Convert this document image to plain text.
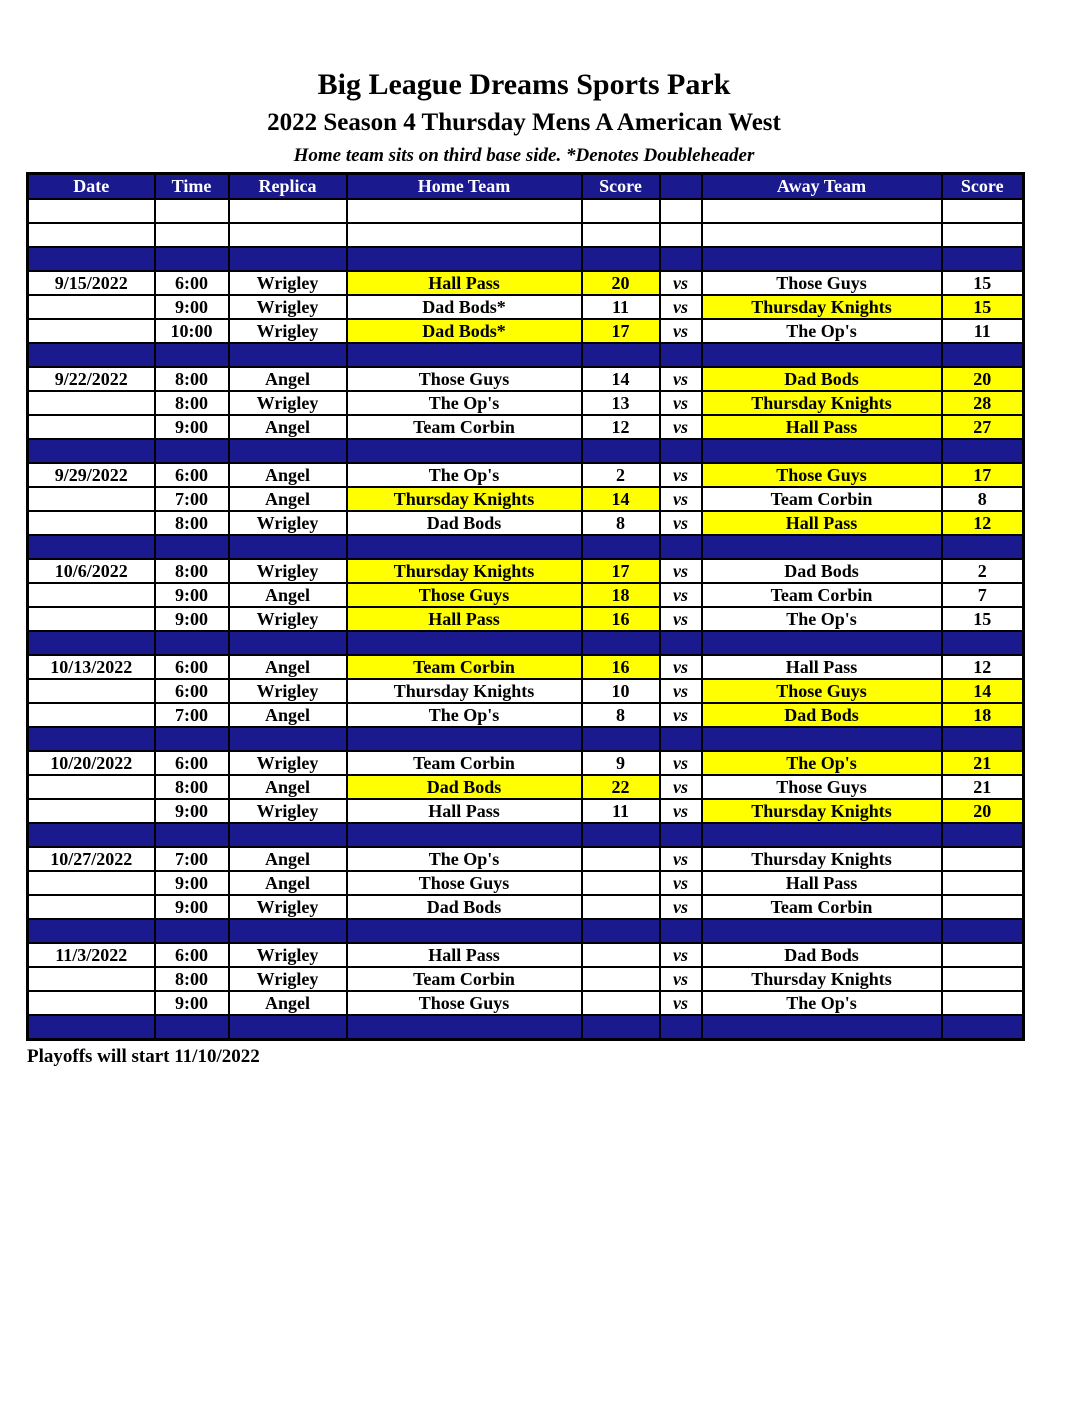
Big League Dreams Sports Park
2022 Season 4 Thursday Mens A American West
Home team sits on third base side. *Denotes Doubleheader
Date	Time	Replica	Home Team	Score		Away Team	Score

9/15/2022	6:00	Wrigley	Hall Pass	20	vs	Those Guys	15
	9:00	Wrigley	Dad Bods*	11	vs	Thursday Knights	15
	10:00	Wrigley	Dad Bods*	17	vs	The Op's	11

9/22/2022	8:00	Angel	Those Guys	14	vs	Dad Bods	20
	8:00	Wrigley	The Op's	13	vs	Thursday Knights	28
	9:00	Angel	Team Corbin	12	vs	Hall Pass	27

9/29/2022	6:00	Angel	The Op's	2	vs	Those Guys	17
	7:00	Angel	Thursday Knights	14	vs	Team Corbin	8
	8:00	Wrigley	Dad Bods	8	vs	Hall Pass	12

10/6/2022	8:00	Wrigley	Thursday Knights	17	vs	Dad Bods	2
	9:00	Angel	Those Guys	18	vs	Team Corbin	7
	9:00	Wrigley	Hall Pass	16	vs	The Op's	15

10/13/2022	6:00	Angel	Team Corbin	16	vs	Hall Pass	12
	6:00	Wrigley	Thursday Knights	10	vs	Those Guys	14
	7:00	Angel	The Op's	8	vs	Dad Bods	18

10/20/2022	6:00	Wrigley	Team Corbin	9	vs	The Op's	21
	8:00	Angel	Dad Bods	22	vs	Those Guys	21
	9:00	Wrigley	Hall Pass	11	vs	Thursday Knights	20

10/27/2022	7:00	Angel	The Op's		vs	Thursday Knights	
	9:00	Angel	Those Guys		vs	Hall Pass	
	9:00	Wrigley	Dad Bods		vs	Team Corbin	

11/3/2022	6:00	Wrigley	Hall Pass		vs	Dad Bods	
	8:00	Wrigley	Team Corbin		vs	Thursday Knights	
	9:00	Angel	Those Guys		vs	The Op's	

Playoffs will start 11/10/2022
